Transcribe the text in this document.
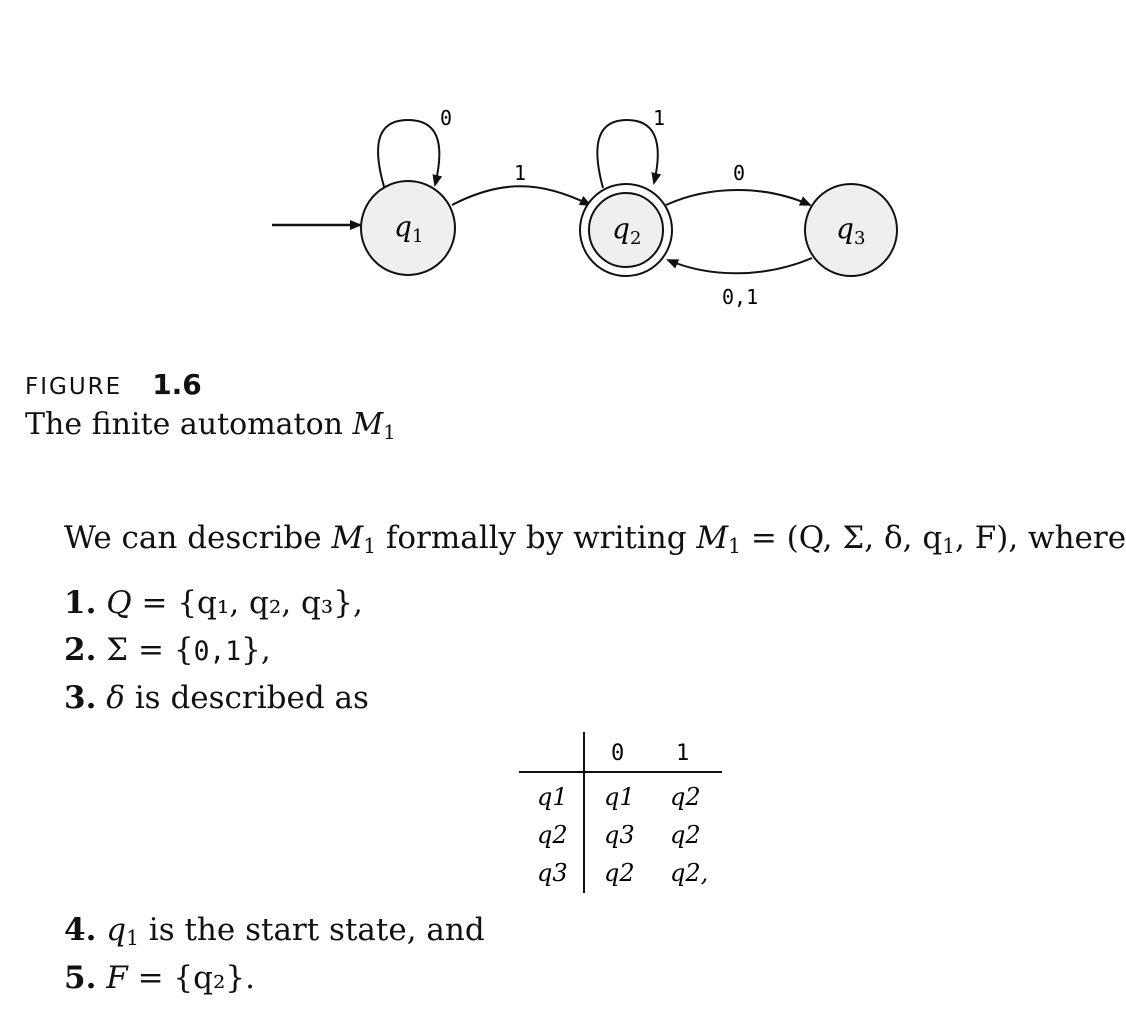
0
1
1
0
0,1
$q_1$	$q_2$	$q_3$
FIGURE 1.6
The finite automaton $M_1$
We can describe $M_1$ formally by writing $M_1 = (Q$, Σ, δ, $q_1$, F), where
1. Q = {q₁, q₂, q₃},
2. Σ = {0,1},
3. δ is described as
0 1
q1 q1 q2
q2 q3 q2
q3 q2 q2,
4. $q_1$ is the start state, and
5. F = {q₂}.
